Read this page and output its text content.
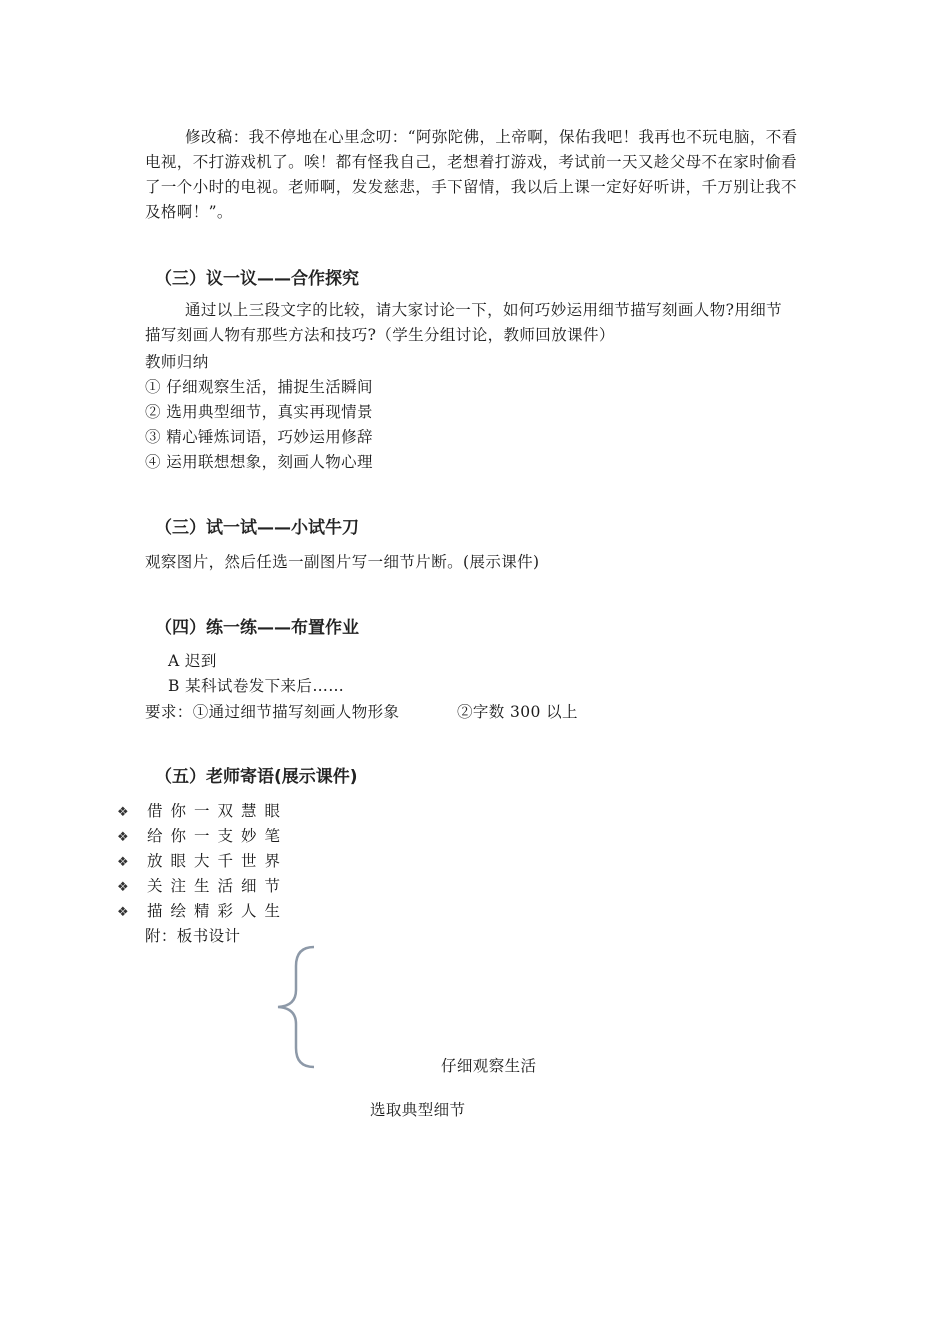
修改稿：我不停地在心里念叨：“阿弥陀佛，上帝啊，保佑我吧！我再也不玩电脑，不看

电视，不打游戏机了。唉！都有怪我自己，老想着打游戏，考试前一天又趁父母不在家时偷看

了一个小时的电视。老师啊，发发慈悲，手下留情，我以后上课一定好好听讲，千万别让我不

及格啊！”。

（三）议一议——合作探究

通过以上三段文字的比较，请大家讨论一下，如何巧妙运用细节描写刻画人物?用细节

描写刻画人物有那些方法和技巧?（学生分组讨论，教师回放课件）

教师归纳
① 仔细观察生活，捕捉生活瞬间
② 选用典型细节，真实再现情景
③ 精心锤炼词语，巧妙运用修辞
④ 运用联想想象，刻画人物心理
（三）试一试——小试牛刀
观察图片，然后任选一副图片写一细节片断。(展示课件)
（四）练一练——布置作业
A 迟到
B 某科试卷发下来后……
要求：①通过细节描写刻画人物形象	②字数 300 以上
（五）老师寄语(展示课件)
❖ 借你一双慧眼
❖ 给你一支妙笔
❖ 放眼大千世界
❖ 关注生活细节
❖ 描绘精彩人生
附：板书设计
仔细观察生活
选取典型细节
